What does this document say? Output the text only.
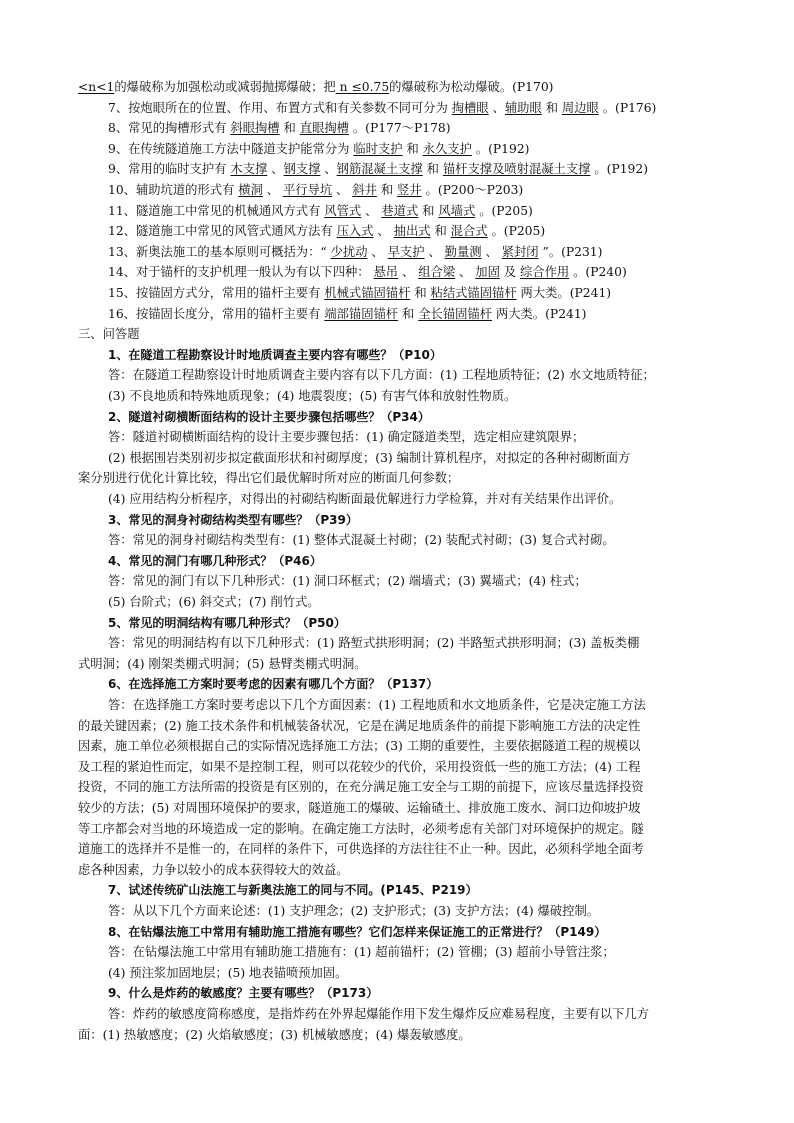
<n<1的爆破称为加强松动或减弱抛掷爆破；把 n ≤0.75的爆破称为松动爆破。(P170)
7、按炮眼所在的位置、作用、布置方式和有关参数不同可分为 掏槽眼 、辅助眼 和 周边眼 。(P176)
8、常见的掏槽形式有 斜眼掏槽 和 直眼掏槽 。(P177～P178)
9、在传统隧道施工方法中隧道支护能常分为 临时支护 和 永久支护 。(P192)
9、常用的临时支护有 木支撑 、钢支撑 、钢筋混凝土支撑 和 锚杆支撑及喷射混凝土支撑 。(P192)
10、辅助坑道的形式有 横洞 、 平行导坑 、 斜井 和 竖井 。(P200～P203)
11、隧道施工中常见的机械通风方式有 风管式 、 巷道式 和 风墙式 。(P205)
12、隧道施工中常见的风管式通风方法有 压入式 、 抽出式 和 混合式 。(P205)
13、新奥法施工的基本原则可概括为：“ 少扰动 、 早支护 、 勤量测 、 紧封闭 ”。(P231)
14、对于锚杆的支护机理一般认为有以下四种： 悬吊 、 组合梁 、 加固 及 综合作用 。(P240)
15、按锚固方式分，常用的锚杆主要有 机械式锚固锚杆 和 粘结式锚固锚杆 两大类。(P241)
16、按锚固长度分，常用的锚杆主要有 端部锚固锚杆 和 全长锚固锚杆 两大类。(P241)
三、问答题
1、在隧道工程勘察设计时地质调查主要内容有哪些？（P10）
答：在隧道工程勘察设计时地质调查主要内容有以下几方面：(1) 工程地质特征；(2) 水文地质特征；
(3) 不良地质和特殊地质现象；(4) 地震裂度；(5) 有害气体和放射性物质。
2、隧道衬砌横断面结构的设计主要步骤包括哪些？（P34）
答：隧道衬砌横断面结构的设计主要步骤包括：(1) 确定隧道类型，选定相应建筑限界；
(2) 根据围岩类别初步拟定截面形状和衬砌厚度；(3) 编制计算机程序，对拟定的各种衬砌断面方
案分别进行优化计算比较，得出它们最优解时所对应的断面几何参数；
(4) 应用结构分析程序，对得出的衬砌结构断面最优解进行力学检算，并对有关结果作出评价。
3、常见的洞身衬砌结构类型有哪些？（P39）
答：常见的洞身衬砌结构类型有：(1) 整体式混凝土衬砌；(2) 装配式衬砌；(3) 复合式衬砌。
4、常见的洞门有哪几种形式？（P46）
答：常见的洞门有以下几种形式：(1) 洞口环框式；(2) 端墙式；(3) 翼墙式；(4) 柱式；
(5) 台阶式；(6) 斜交式；(7) 削竹式。
5、常见的明洞结构有哪几种形式？（P50）
答：常见的明洞结构有以下几种形式：(1) 路堑式拱形明洞；(2) 半路堑式拱形明洞；(3) 盖板类棚
式明洞；(4) 刚架类棚式明洞；(5) 悬臂类棚式明洞。
6、在选择施工方案时要考虑的因素有哪几个方面？（P137）
答：在选择施工方案时要考虑以下几个方面因素：(1) 工程地质和水文地质条件，它是决定施工方法
的最关键因素；(2) 施工技术条件和机械装备状况，它是在满足地质条件的前提下影响施工方法的决定性
因素，施工单位必须根据自己的实际情况选择施工方法；(3) 工期的重要性，主要依据隧道工程的规模以
及工程的紧迫性而定，如果不是控制工程，则可以花较少的代价，采用投资低一些的施工方法；(4) 工程
投资，不同的施工方法所需的投资是有区别的，在充分满足施工安全与工期的前提下，应该尽量选择投资
较少的方法；(5) 对周围环境保护的要求，隧道施工的爆破、运输碴土、排放施工废水、洞口边仰坡护坡
等工序都会对当地的环境造成一定的影响。在确定施工方法时，必须考虑有关部门对环境保护的规定。隧
道施工的选择并不是惟一的，在同样的条件下，可供选择的方法往往不止一种。因此，必须科学地全面考
虑各种因素，力争以较小的成本获得较大的效益。
7、试述传统矿山法施工与新奥法施工的同与不同。(P145、P219）
答：从以下几个方面来论述：(1) 支护理念；(2) 支护形式；(3) 支护方法；(4) 爆破控制。
8、在钻爆法施工中常用有辅助施工措施有哪些？它们怎样来保证施工的正常进行？（P149）
答：在钻爆法施工中常用有辅助施工措施有：(1) 超前锚杆；(2) 管棚；(3) 超前小导管注浆；
(4) 预注浆加固地层；(5) 地表锚喷预加固。
9、什么是炸药的敏感度？主要有哪些？（P173）
答：炸药的敏感度简称感度，是指炸药在外界起爆能作用下发生爆炸反应难易程度，主要有以下几方
面：(1) 热敏感度；(2) 火焰敏感度；(3) 机械敏感度；(4) 爆轰敏感度。
